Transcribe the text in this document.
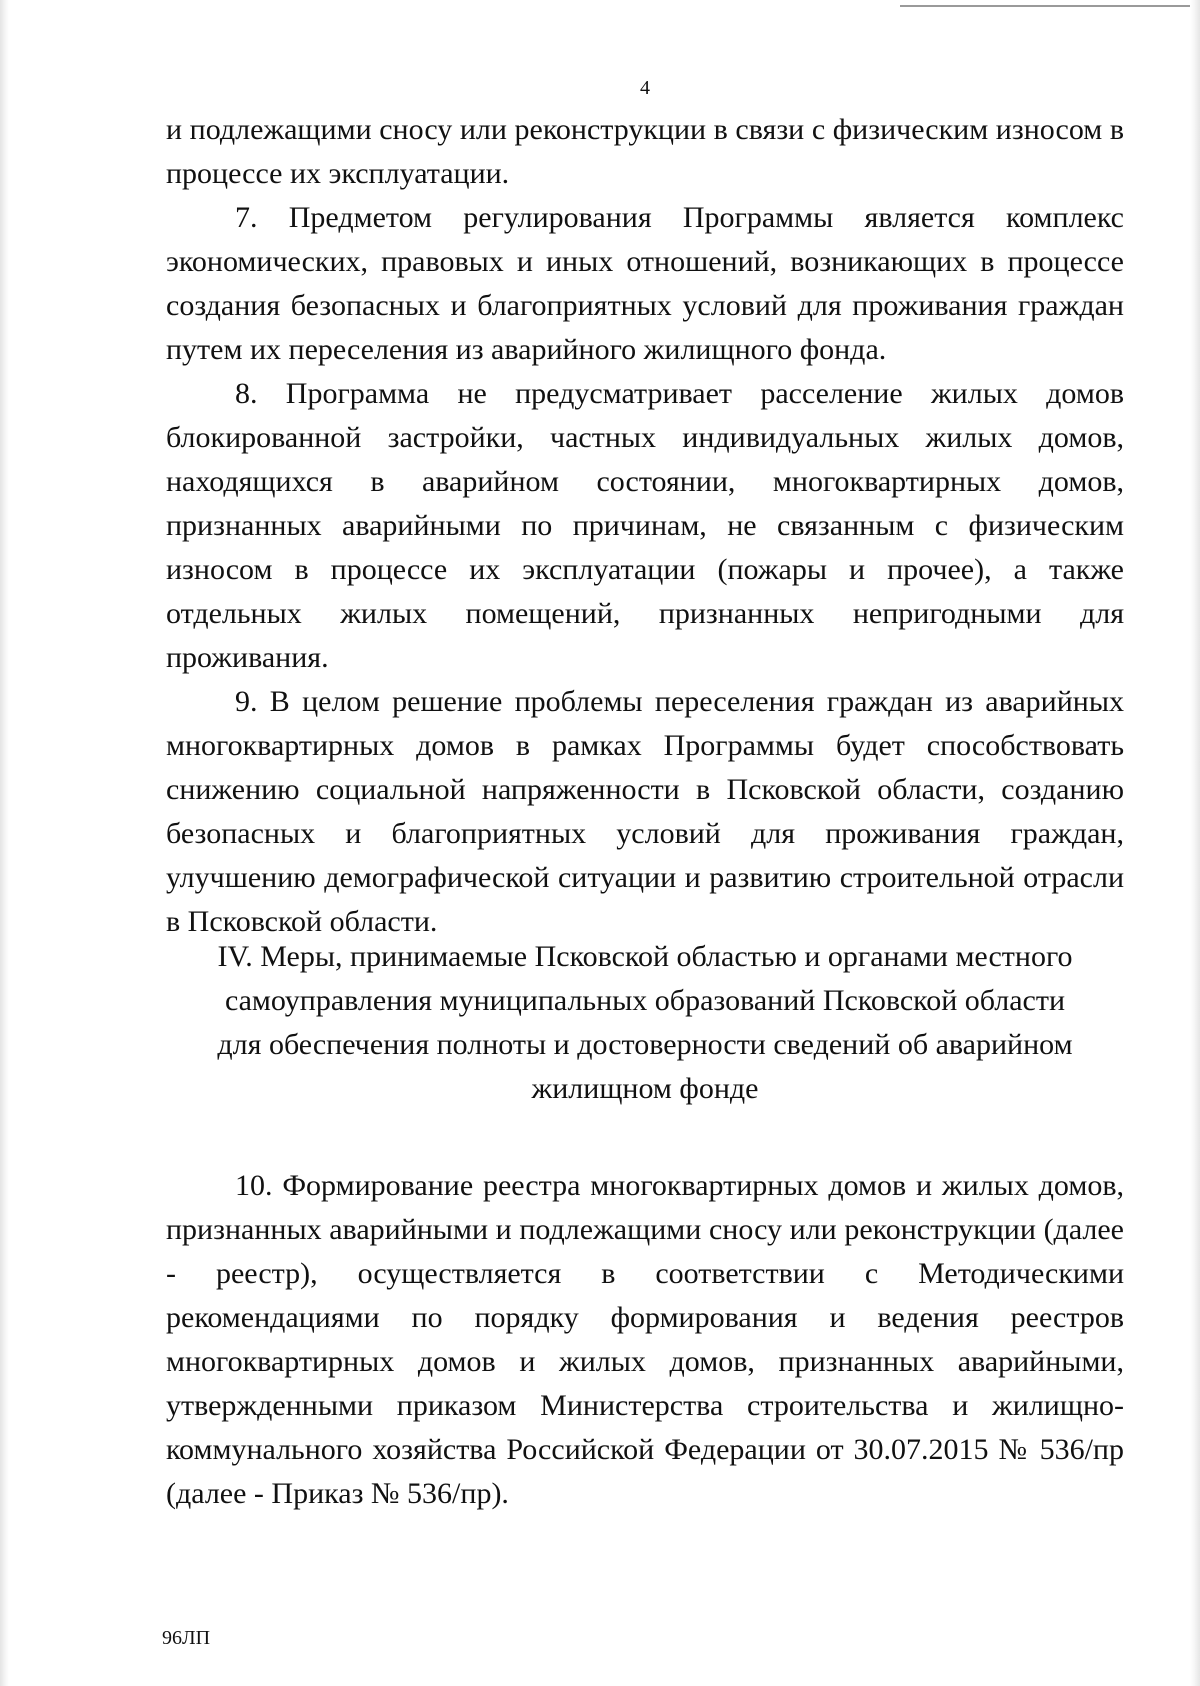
4

и подлежащими сносу или реконструкции в связи с физическим износом в процессе их эксплуатации.

7. Предметом регулирования Программы является комплекс экономических, правовых и иных отношений, возникающих в процессе создания безопасных и благоприятных условий для проживания граждан путем их переселения из аварийного жилищного фонда.

8. Программа не предусматривает расселение жилых домов блокированной застройки, частных индивидуальных жилых домов, находящихся в аварийном состоянии, многоквартирных домов, признанных аварийными по причинам, не связанным с физическим износом в процессе их эксплуатации (пожары и прочее), а также отдельных жилых помещений, признанных непригодными для проживания.

9. В целом решение проблемы переселения граждан из аварийных многоквартирных домов в рамках Программы будет способствовать снижению социальной напряженности в Псковской области, созданию безопасных и благоприятных условий для проживания граждан, улучшению демографической ситуации и развитию строительной отрасли в Псковской области.

IV. Меры, принимаемые Псковской областью и органами местного
самоуправления муниципальных образований Псковской области
для обеспечения полноты и достоверности сведений об аварийном
жилищном фонде

10. Формирование реестра многоквартирных домов и жилых домов, признанных аварийными и подлежащими сносу или реконструкции (далее - реестр), осуществляется в соответствии с Методическими рекомендациями по порядку формирования и ведения реестров многоквартирных домов и жилых домов, признанных аварийными, утвержденными приказом Министерства строительства и жилищно-коммунального хозяйства Российской Федерации от 30.07.2015 № 536/пр (далее - Приказ № 536/пр).

96ЛП
